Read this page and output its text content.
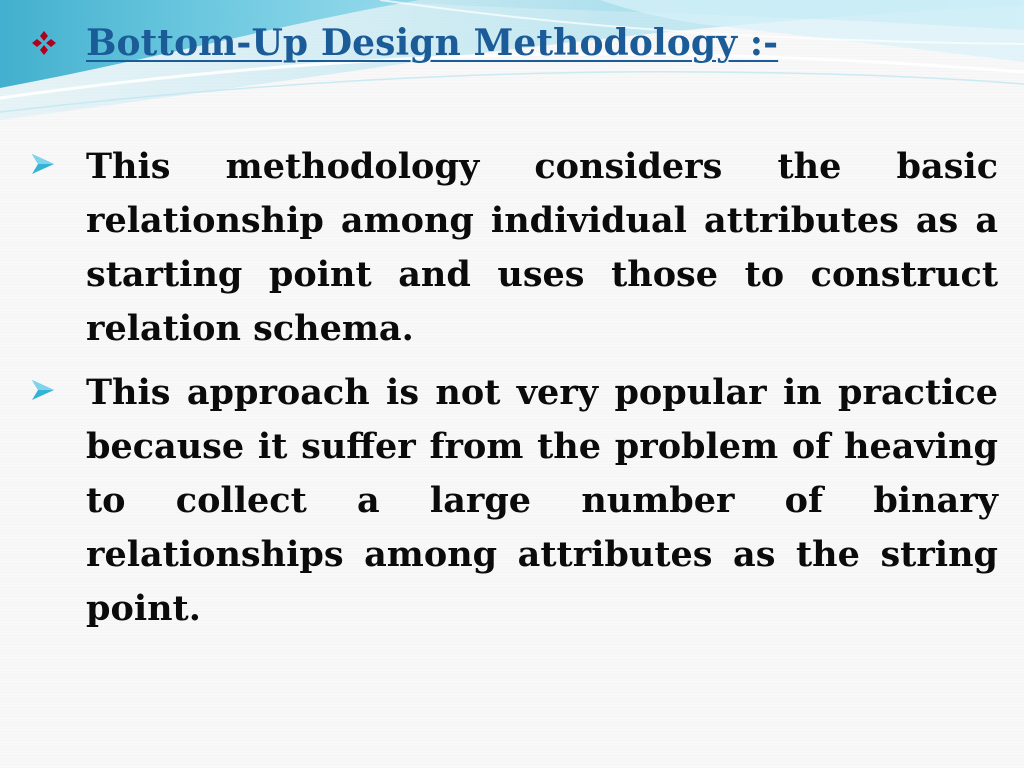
Bottom-Up Design Methodology :-
This methodology considers the basic relationship among individual attributes as a starting point and uses those to construct relation schema.
This approach is not very popular in practice because it suffer from the problem of heaving to collect a large number of binary relationships among attributes as the string point.
